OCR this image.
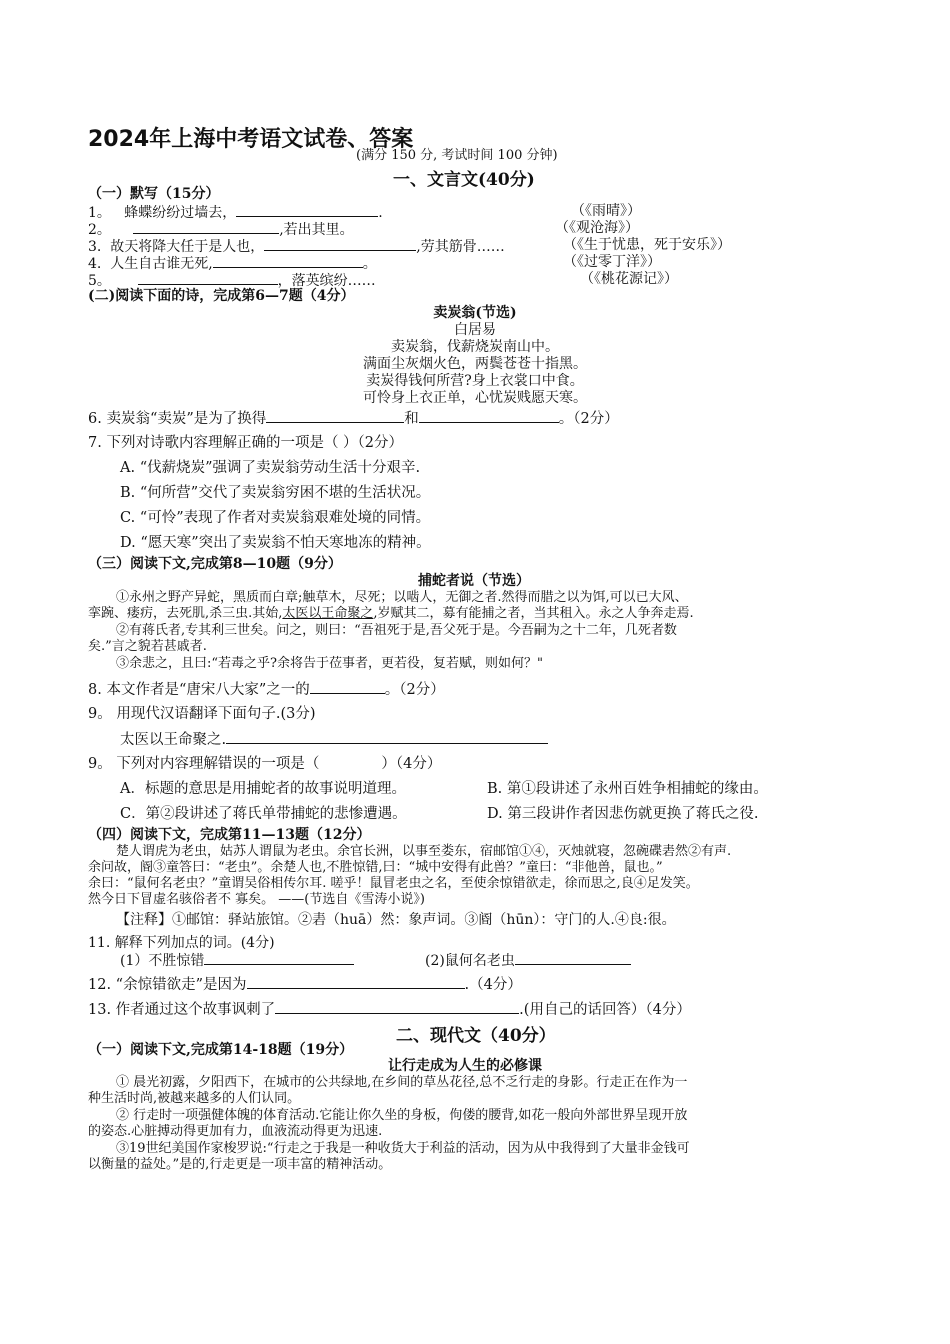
2024年上海中考语文试卷、答案
(满分 150 分, 考试时间 100 分钟)
一、文言文(40分)
（一）默写（15分）
1。 蜂蝶纷纷过墙去，	.	（《雨晴》）
2。	,若出其里。	（《观沧海》）
3. 故天将降大任于是人也，	,劳其筋骨……	（《生于忧患，死于安乐》）
4. 人生自古谁无死,	。	（《过零丁洋》）
5。	，落英缤纷……	（《桃花源记》）
(二)阅读下面的诗，完成第6—7题（4分）
卖炭翁(节选)
白居易
卖炭翁，伐薪烧炭南山中。
满面尘灰烟火色，两鬓苍苍十指黑。
卖炭得钱何所营?身上衣裳口中食。
可怜身上衣正单，心忧炭贱愿天寒。
6. 卖炭翁“卖炭”是为了换得	和	。（2分）
7. 下列对诗歌内容理解正确的一项是（ ）（2分）
A. “伐薪烧炭”强调了卖炭翁劳动生活十分艰辛.
B. “何所营”交代了卖炭翁穷困不堪的生活状况。
C. “可怜”表现了作者对卖炭翁艰难处境的同情。
D. “愿天寒”突出了卖炭翁不怕天寒地冻的精神。
（三）阅读下文,完成第8—10题（9分）
捕蛇者说（节选）
①永州之野产异蛇，黑质而白章;触草木，尽死；以啮人，无御之者.然得而腊之以为饵,可以已大风、
挛踠、瘘疠，去死肌,杀三虫.其始,太医以王命聚之,岁赋其二，募有能捕之者，当其租入。永之人争奔走焉.
②有蒋氏者,专其利三世矣。问之，则曰：“吾祖死于是,吾父死于是。今吾嗣为之十二年，几死者数
矣.”言之貌若甚戚者.
③余悲之，且曰:“若毒之乎?余将告于莅事者，更若役，复若赋，则如何？"
8. 本文作者是“唐宋八大家”之一的	。（2分）
9。 用现代汉语翻译下面句子.(3分)
太医以王命聚之.
9。 下列对内容理解错误的一项是（	）（4分）
A．标题的意思是用捕蛇者的故事说明道理。	B. 第①段讲述了永州百姓争相捕蛇的缘由。
C．第②段讲述了蒋氏单带捕蛇的悲惨遭遇。	D. 第三段讲作者因悲伤就更换了蒋氏之役.
（四）阅读下文，完成第11—13题（12分）
楚人谓虎为老虫，姑苏人谓鼠为老虫。余官长洲，以事至娄东，宿邮馆①④，灭烛就寝，忽碗碟砉然②有声.
余问故，阍③童答曰：“老虫”。余楚人也,不胜惊错,曰：“城中安得有此兽？”童曰：“非他兽，鼠也。”
余曰：“鼠何名老虫？”童谓吴俗相传尔耳. 嗟乎！鼠冒老虫之名，至使余惊错欲走，徐而思之,良④足发笑。
然今日下冒虚名骇俗者不 寡矣。 ——(节选自《雪涛小说》)
【注释】①邮馆：驿站旅馆。②砉（huā）然：象声词。③阍（hūn）：守门的人.④良:很。
11. 解释下列加点的词。(4分)
(1）不胜惊错	(2)鼠何名老虫
12. “余惊错欲走”是因为	.（4分）
13. 作者通过这个故事讽刺了	.(用自己的话回答）（4分）
二、现代文（40分）
（一）阅读下文,完成第14-18题（19分）
让行走成为人生的必修课
① 晨光初露，夕阳西下，在城市的公共绿地,在乡间的草丛花径,总不乏行走的身影。行走正在作为一
种生活时尚,被越来越多的人们认同。
② 行走时一项强健体魄的体育活动.它能让你久坐的身板，佝偻的腰背,如花一般向外部世界呈现开放
的姿态.心脏搏动得更加有力，血液流动得更为迅速.
③19世纪美国作家梭罗说:“行走之于我是一种收货大于利益的活动，因为从中我得到了大量非金钱可
以衡量的益处。”是的,行走更是一项丰富的精神活动。
